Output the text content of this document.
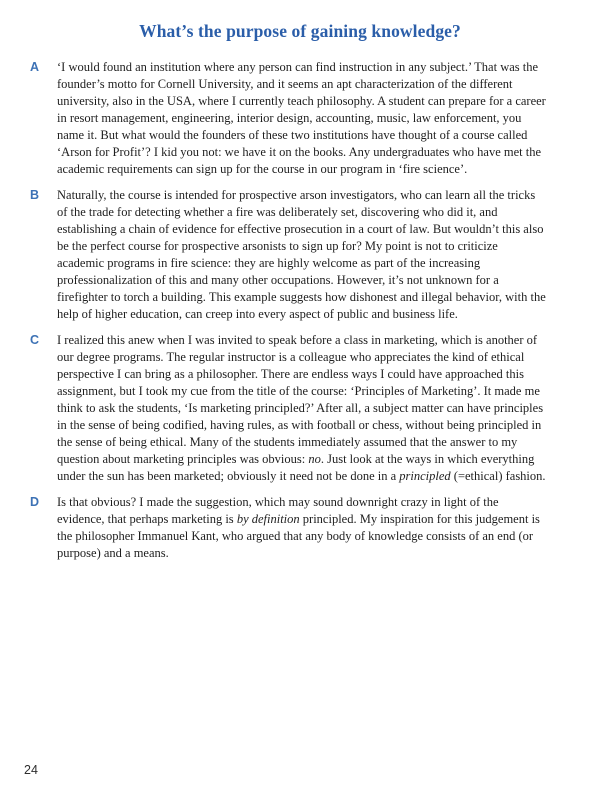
What’s the purpose of gaining knowledge?
A	‘I would found an institution where any person can find instruction in any subject.’ That was the founder’s motto for Cornell University, and it seems an apt characterization of the different university, also in the USA, where I currently teach philosophy. A student can prepare for a career in resort management, engineering, interior design, accounting, music, law enforcement, you name it. But what would the founders of these two institutions have thought of a course called ‘Arson for Profit’? I kid you not: we have it on the books. Any undergraduates who have met the academic requirements can sign up for the course in our program in ‘fire science’.
B	Naturally, the course is intended for prospective arson investigators, who can learn all the tricks of the trade for detecting whether a fire was deliberately set, discovering who did it, and establishing a chain of evidence for effective prosecution in a court of law. But wouldn’t this also be the perfect course for prospective arsonists to sign up for? My point is not to criticize academic programs in fire science: they are highly welcome as part of the increasing professionalization of this and many other occupations. However, it’s not unknown for a firefighter to torch a building. This example suggests how dishonest and illegal behavior, with the help of higher education, can creep into every aspect of public and business life.
C	I realized this anew when I was invited to speak before a class in marketing, which is another of our degree programs. The regular instructor is a colleague who appreciates the kind of ethical perspective I can bring as a philosopher. There are endless ways I could have approached this assignment, but I took my cue from the title of the course: ‘Principles of Marketing’. It made me think to ask the students, ‘Is marketing principled?’ After all, a subject matter can have principles in the sense of being codified, having rules, as with football or chess, without being principled in the sense of being ethical. Many of the students immediately assumed that the answer to my question about marketing principles was obvious: no. Just look at the ways in which everything under the sun has been marketed; obviously it need not be done in a principled (=ethical) fashion.
D	Is that obvious? I made the suggestion, which may sound downright crazy in light of the evidence, that perhaps marketing is by definition principled. My inspiration for this judgement is the philosopher Immanuel Kant, who argued that any body of knowledge consists of an end (or purpose) and a means.
24
